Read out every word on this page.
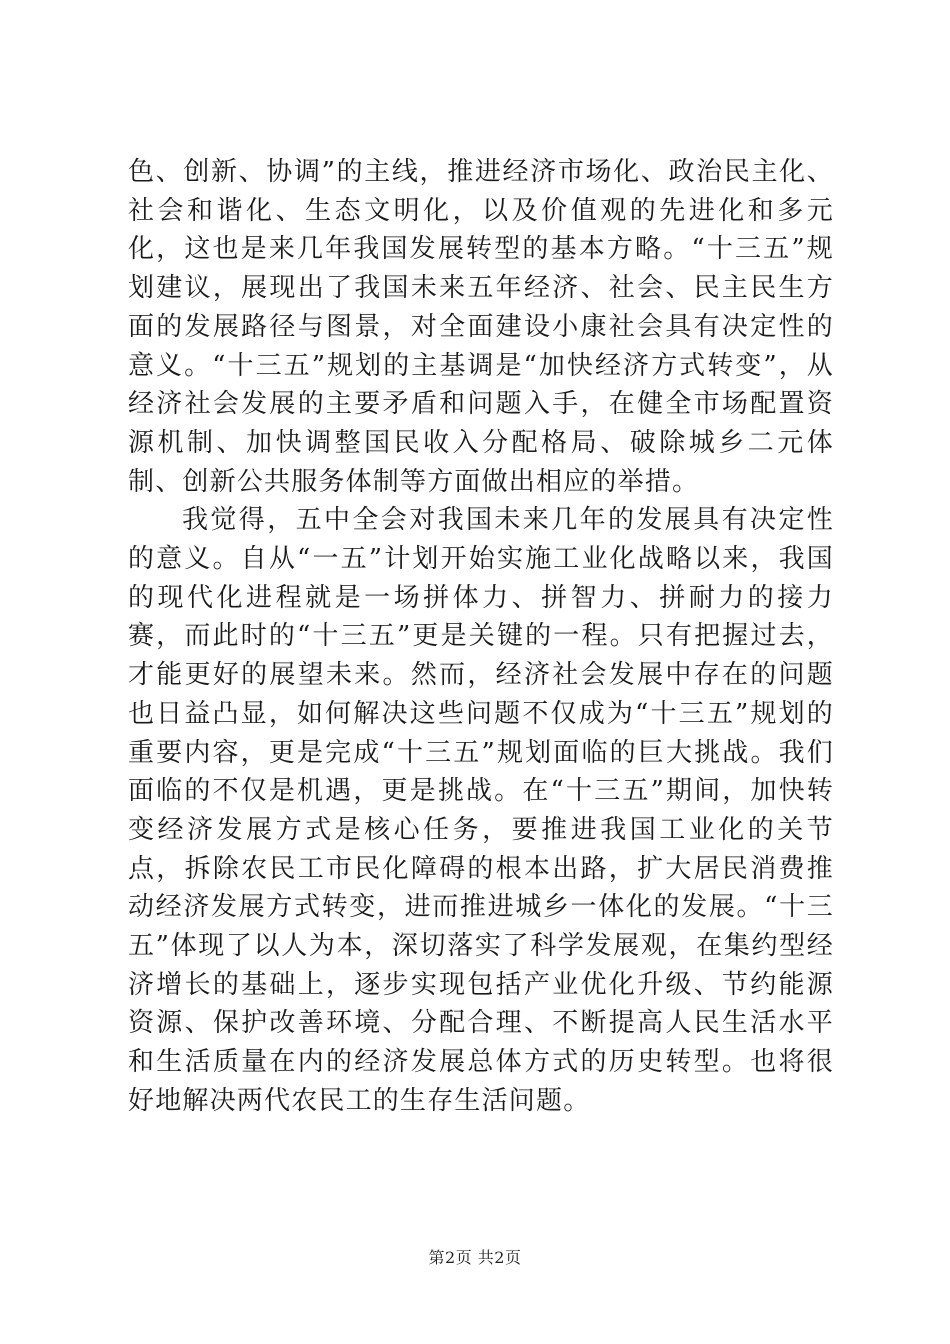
色、创新、协调”的主线，推进经济市场化、政治民主化、社会和谐化、生态文明化，以及价值观的先进化和多元化，这也是来几年我国发展转型的基本方略。“十三五”规划建议，展现出了我国未来五年经济、社会、民主民生方面的发展路径与图景，对全面建设小康社会具有决定性的意义。“十三五”规划的主基调是“加快经济方式转变”，从经济社会发展的主要矛盾和问题入手，在健全市场配置资源机制、加快调整国民收入分配格局、破除城乡二元体制、创新公共服务体制等方面做出相应的举措。

我觉得，五中全会对我国未来几年的发展具有决定性的意义。自从“一五”计划开始实施工业化战略以来，我国的现代化进程就是一场拼体力、拼智力、拼耐力的接力赛，而此时的“十三五”更是关键的一程。只有把握过去，才能更好的展望未来。然而，经济社会发展中存在的问题也日益凸显，如何解决这些问题不仅成为“十三五”规划的重要内容，更是完成“十三五”规划面临的巨大挑战。我们面临的不仅是机遇，更是挑战。在“十三五”期间，加快转变经济发展方式是核心任务，要推进我国工业化的关节点，拆除农民工市民化障碍的根本出路，扩大居民消费推动经济发展方式转变，进而推进城乡一体化的发展。“十三五”体现了以人为本，深切落实了科学发展观，在集约型经济增长的基础上，逐步实现包括产业优化升级、节约能源资源、保护改善环境、分配合理、不断提高人民生活水平和生活质量在内的经济发展总体方式的历史转型。也将很好地解决两代农民工的生存生活问题。

第2页 共2页
